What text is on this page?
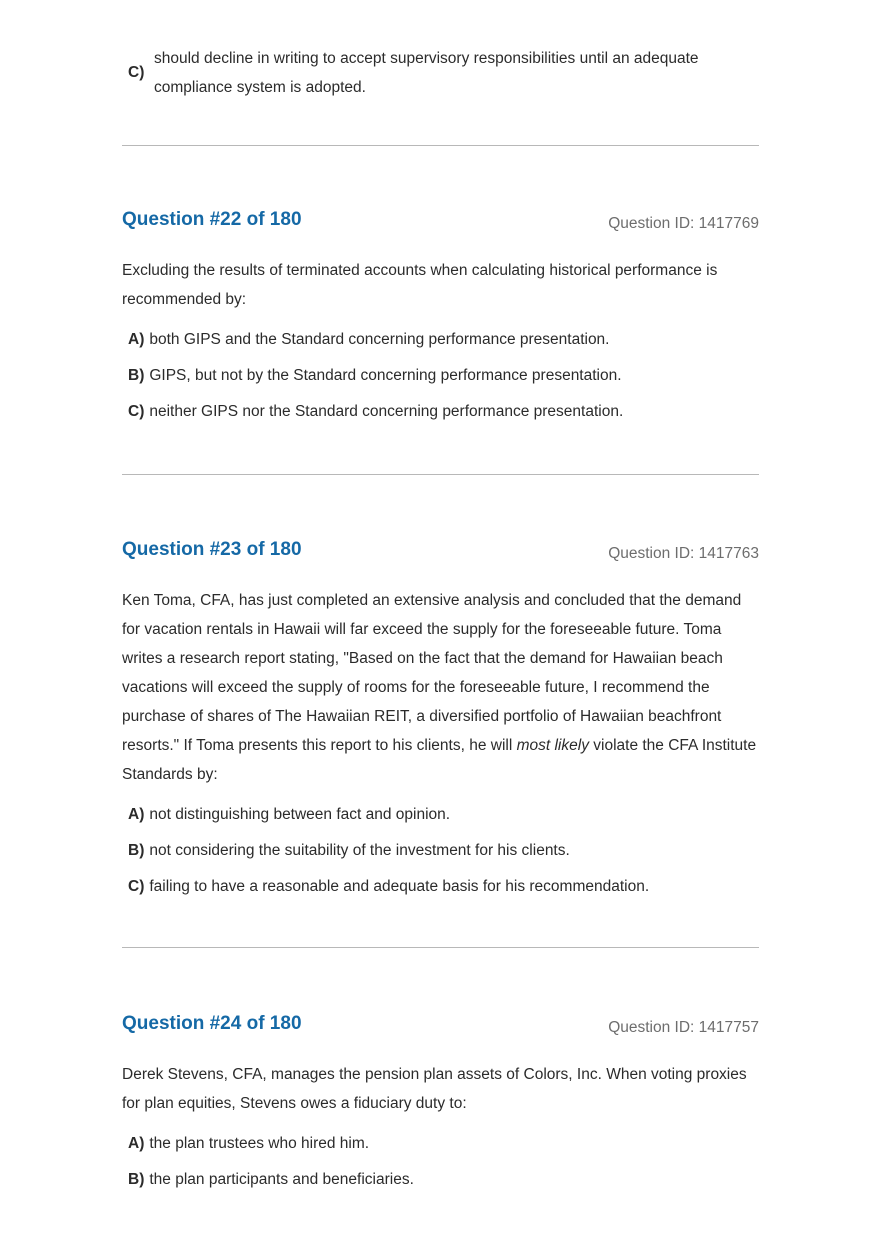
C)
should decline in writing to accept supervisory responsibilities until an adequate compliance system is adopted.
Question #22 of 180	Question ID: 1417769
Excluding the results of terminated accounts when calculating historical performance is recommended by:
A) both GIPS and the Standard concerning performance presentation.
B) GIPS, but not by the Standard concerning performance presentation.
C) neither GIPS nor the Standard concerning performance presentation.
Question #23 of 180	Question ID: 1417763
Ken Toma, CFA, has just completed an extensive analysis and concluded that the demand for vacation rentals in Hawaii will far exceed the supply for the foreseeable future. Toma writes a research report stating, "Based on the fact that the demand for Hawaiian beach vacations will exceed the supply of rooms for the foreseeable future, I recommend the purchase of shares of The Hawaiian REIT, a diversified portfolio of Hawaiian beachfront resorts." If Toma presents this report to his clients, he will most likely violate the CFA Institute Standards by:
A) not distinguishing between fact and opinion.
B) not considering the suitability of the investment for his clients.
C) failing to have a reasonable and adequate basis for his recommendation.
Question #24 of 180	Question ID: 1417757
Derek Stevens, CFA, manages the pension plan assets of Colors, Inc. When voting proxies for plan equities, Stevens owes a fiduciary duty to:
A) the plan trustees who hired him.
B) the plan participants and beneficiaries.
